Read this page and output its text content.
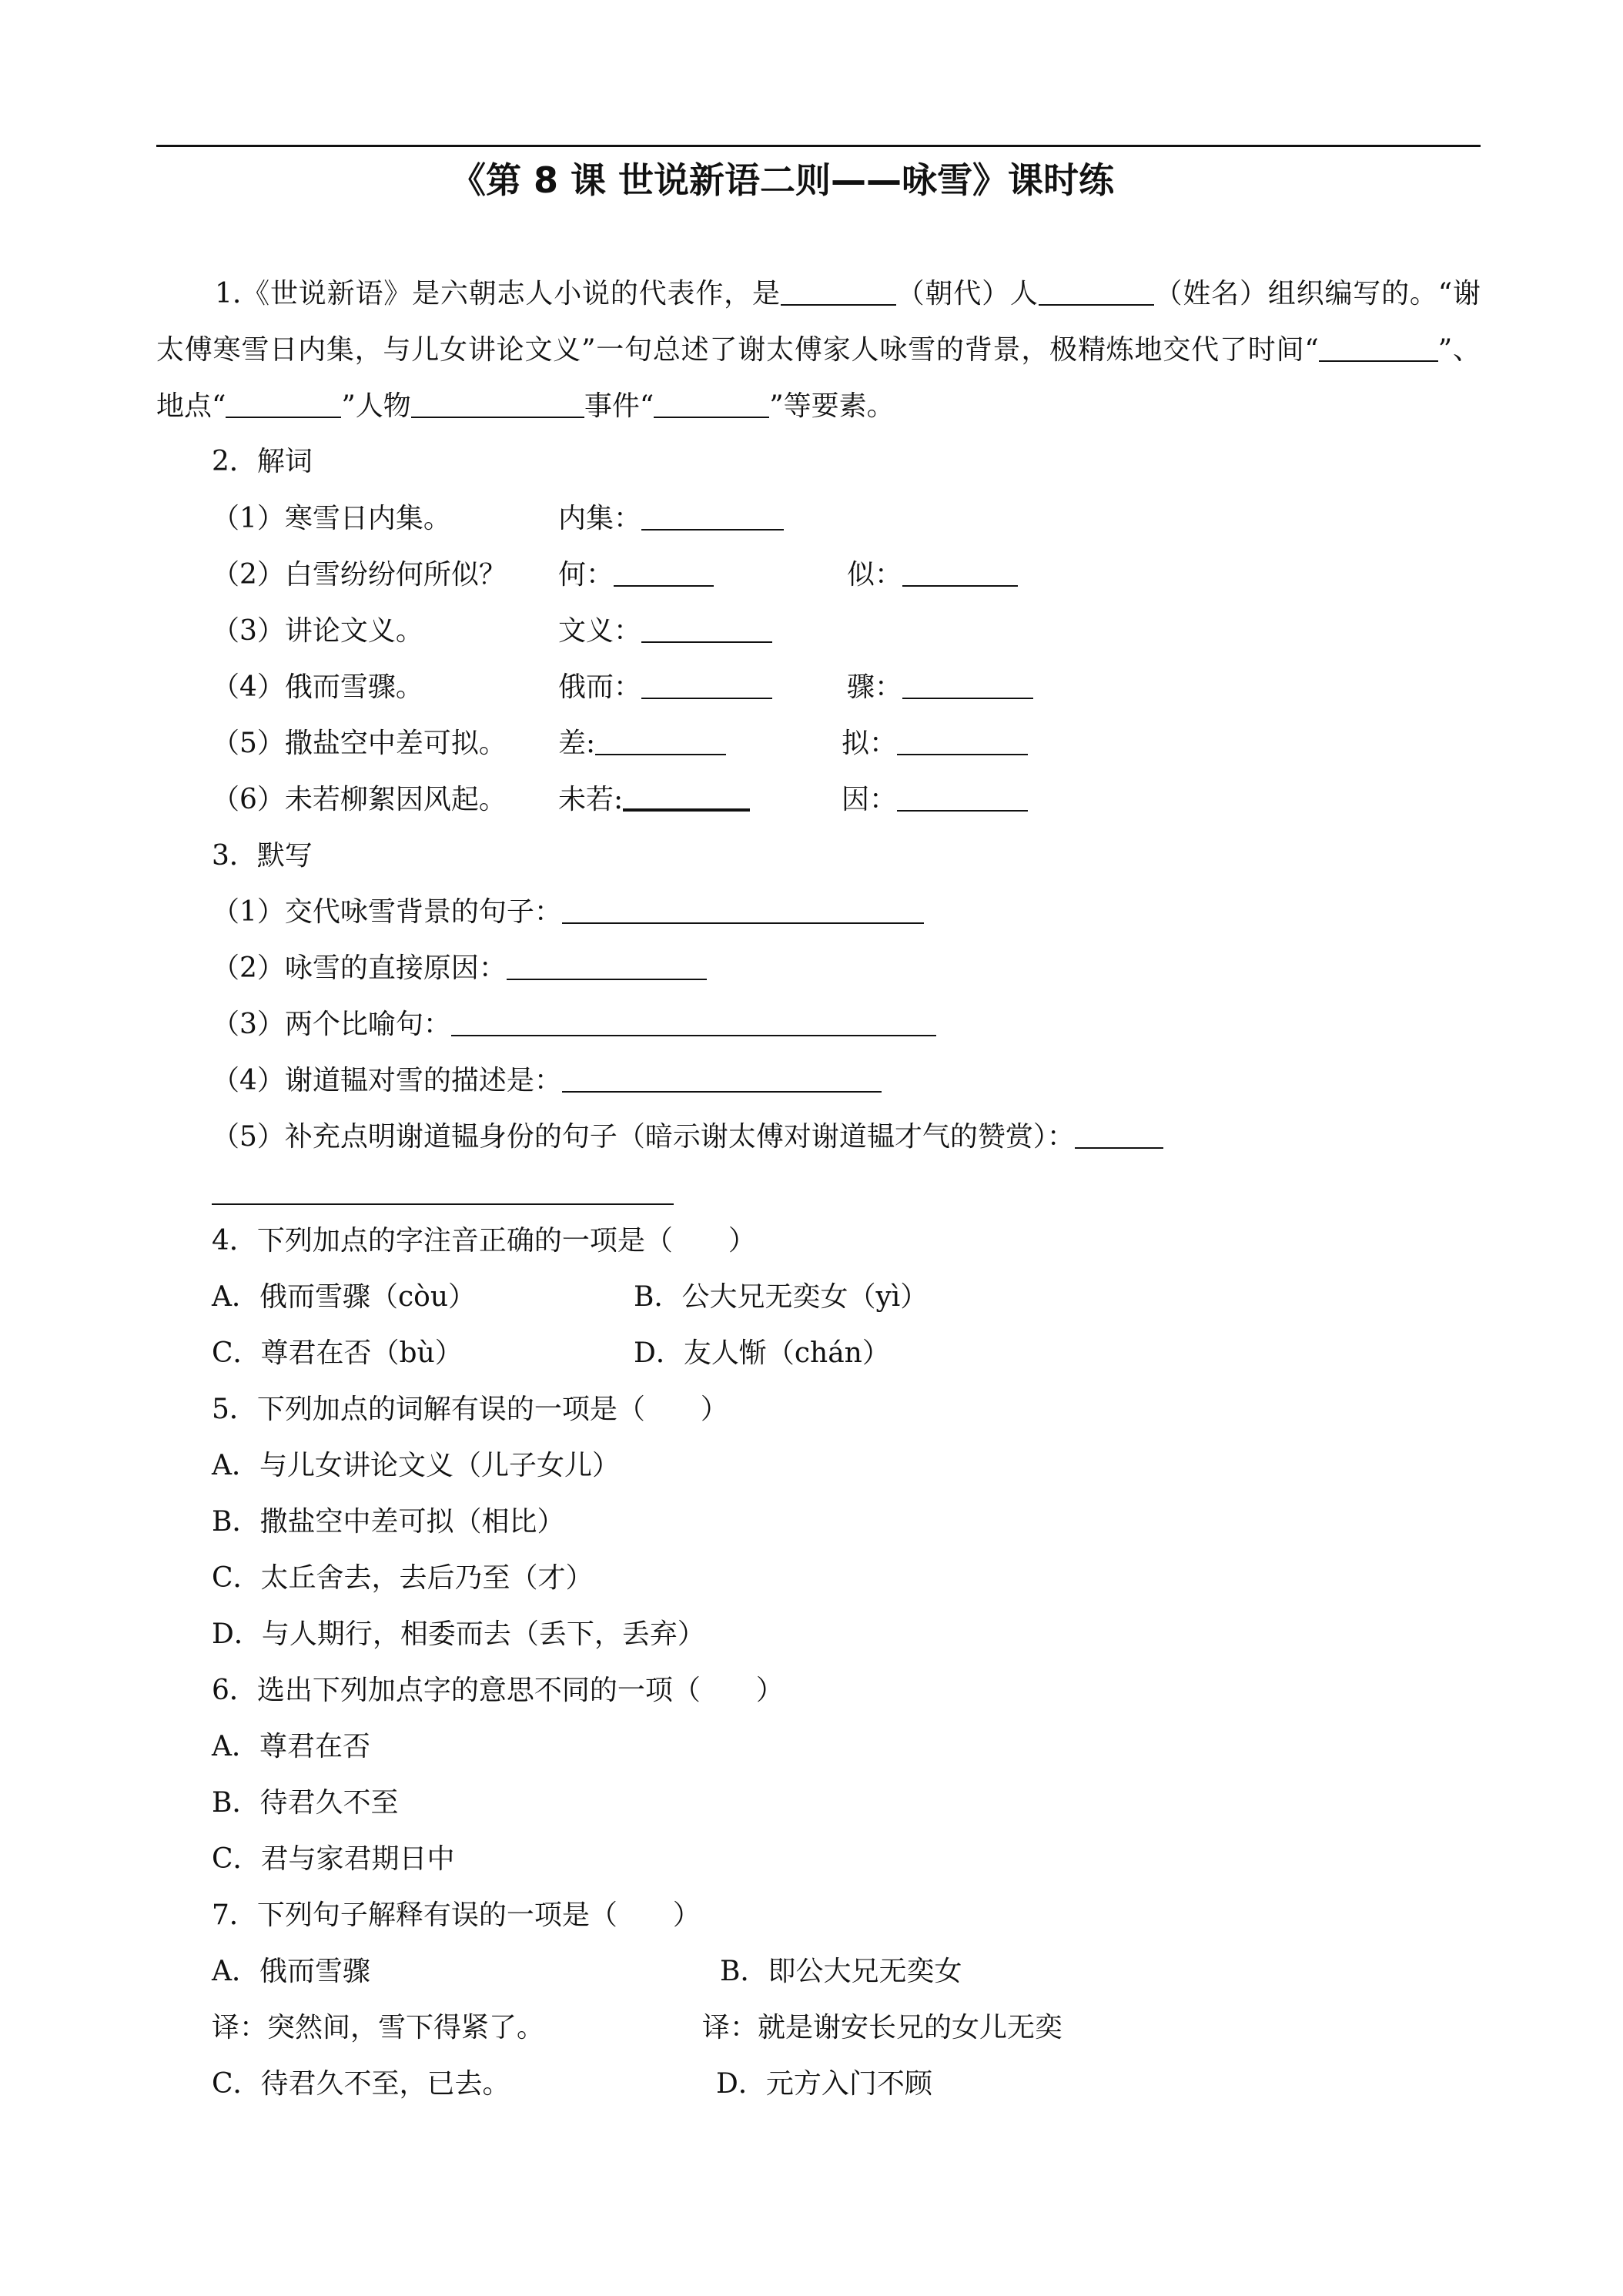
《第 8 课 世说新语二则——咏雪》课时练
1.《世说新语》是六朝志人小说的代表作，是	（朝代）人	（姓名）组织编写的。“谢太傅寒雪日内集，与儿女讲论文义”一句总述了谢太傅家人咏雪的背景，极精炼地交代了时间“	”、地点“	”人物	事件“	”等要素。
2．解词
（1）寒雪日内集。	内集：
（2）白雪纷纷何所似？ 何：	似：
（3）讲论文义。	文义：
（4）俄而雪骤。	俄而：	骤：
（5）撒盐空中差可拟。 差:	拟：
（6）未若柳絮因风起。 未若:	因：
3．默写
（1）交代咏雪背景的句子：
（2）咏雪的直接原因：
（3）两个比喻句：
（4）谢道韫对雪的描述是：
（5）补充点明谢道韫身份的句子（暗示谢太傅对谢道韫才气的赞赏）：
4．下列加点的字注音正确的一项是（　　）
A．俄而雪骤（còu）	B．公大兄无奕女（yì）
C．尊君在否（bù）	D．友人惭（chán）
5．下列加点的词解有误的一项是（　　）
A．与儿女讲论文义（儿子女儿）
B．撒盐空中差可拟（相比）
C．太丘舍去，去后乃至（才）
D．与人期行，相委而去（丢下，丢弃）
6．选出下列加点字的意思不同的一项（　　）
A．尊君在否
B．待君久不至
C．君与家君期日中
7．下列句子解释有误的一项是（　　）
A．俄而雪骤	B．即公大兄无奕女
译：突然间，雪下得紧了。	译：就是谢安长兄的女儿无奕
C．待君久不至，已去。	D．元方入门不顾
